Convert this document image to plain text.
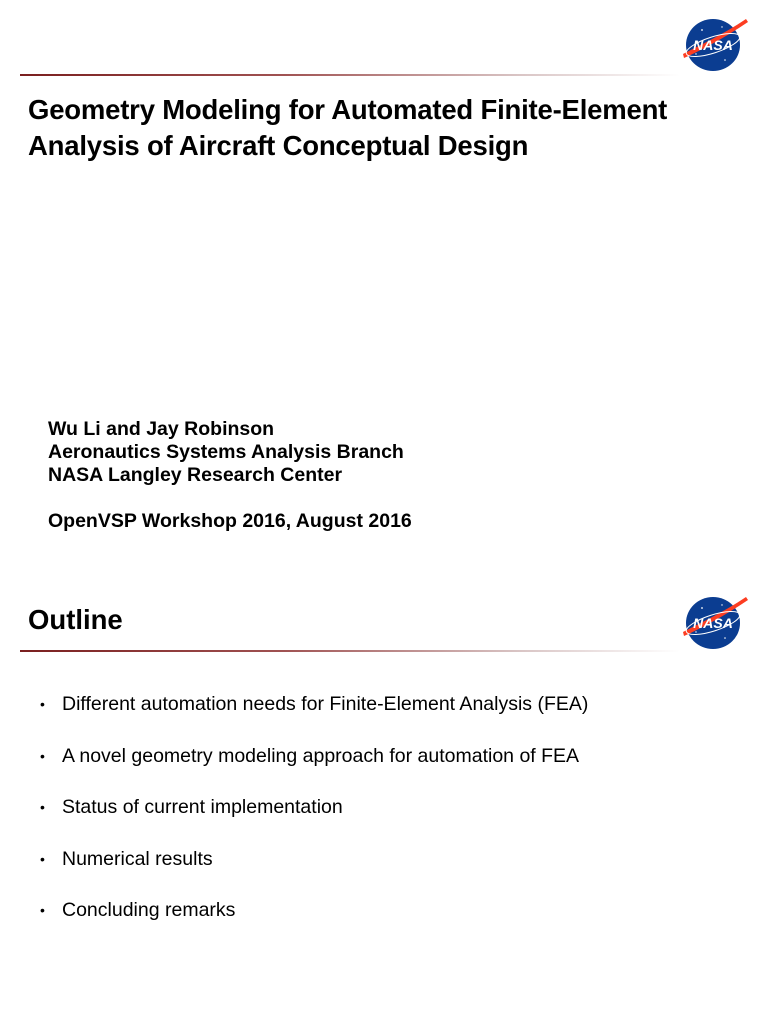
NASA
Geometry Modeling for Automated Finite-Element
Analysis of Aircraft Conceptual Design
Wu Li and Jay Robinson
Aeronautics Systems Analysis Branch
NASA Langley Research Center
OpenVSP Workshop 2016, August 2016
Outline	NASA
• Different automation needs for Finite-Element Analysis (FEA)
• A novel geometry modeling approach for automation of FEA
• Status of current implementation
• Numerical results
• Concluding remarks
